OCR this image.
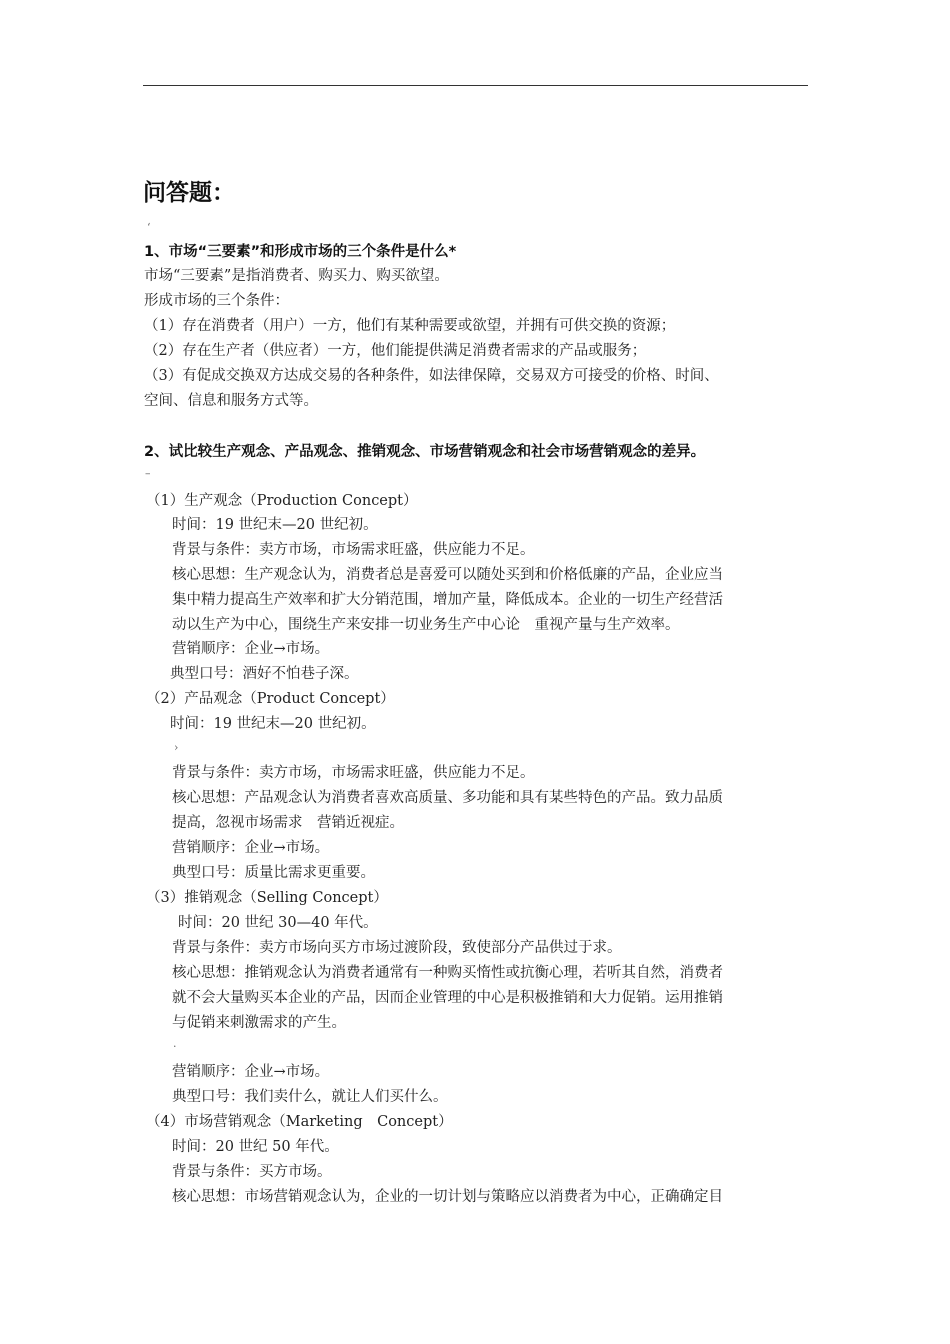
问答题：
‘
1、市场“三要素”和形成市场的三个条件是什么*
市场“三要素”是指消费者、购买力、购买欲望。
形成市场的三个条件：
（1）存在消费者（用户）一方，他们有某种需要或欲望，并拥有可供交换的资源；
（2）存在生产者（供应者）一方，他们能提供满足消费者需求的产品或服务；
（3）有促成交换双方达成交易的各种条件，如法律保障，交易双方可接受的价格、时间、
空间、信息和服务方式等。
2、试比较生产观念、产品观念、推销观念、市场营销观念和社会市场营销观念的差异。
–
（1）生产观念（Production Concept）
时间：19 世纪末—20 世纪初。
背景与条件：卖方市场，市场需求旺盛，供应能力不足。
核心思想：生产观念认为，消费者总是喜爱可以随处买到和价格低廉的产品，企业应当
集中精力提高生产效率和扩大分销范围，增加产量，降低成本。企业的一切生产经营活
动以生产为中心，围绕生产来安排一切业务生产中心论　重视产量与生产效率。
营销顺序：企业→市场。
典型口号：酒好不怕巷子深。
（2）产品观念（Product Concept）
时间：19 世纪末—20 世纪初。
›
背景与条件：卖方市场，市场需求旺盛，供应能力不足。
核心思想：产品观念认为消费者喜欢高质量、多功能和具有某些特色的产品。致力品质
提高，忽视市场需求　营销近视症。
营销顺序：企业→市场。
典型口号：质量比需求更重要。
（3）推销观念（Selling Concept）
时间：20 世纪 30—40 年代。
背景与条件：卖方市场向买方市场过渡阶段，致使部分产品供过于求。
核心思想：推销观念认为消费者通常有一种购买惰性或抗衡心理，若听其自然，消费者
就不会大量购买本企业的产品，因而企业管理的中心是积极推销和大力促销。运用推销
与促销来刺激需求的产生。
·
营销顺序：企业→市场。
典型口号：我们卖什么，就让人们买什么。
（4）市场营销观念（Marketing　Concept）
时间：20 世纪 50 年代。
背景与条件：买方市场。
核心思想：市场营销观念认为，企业的一切计划与策略应以消费者为中心，正确确定目
